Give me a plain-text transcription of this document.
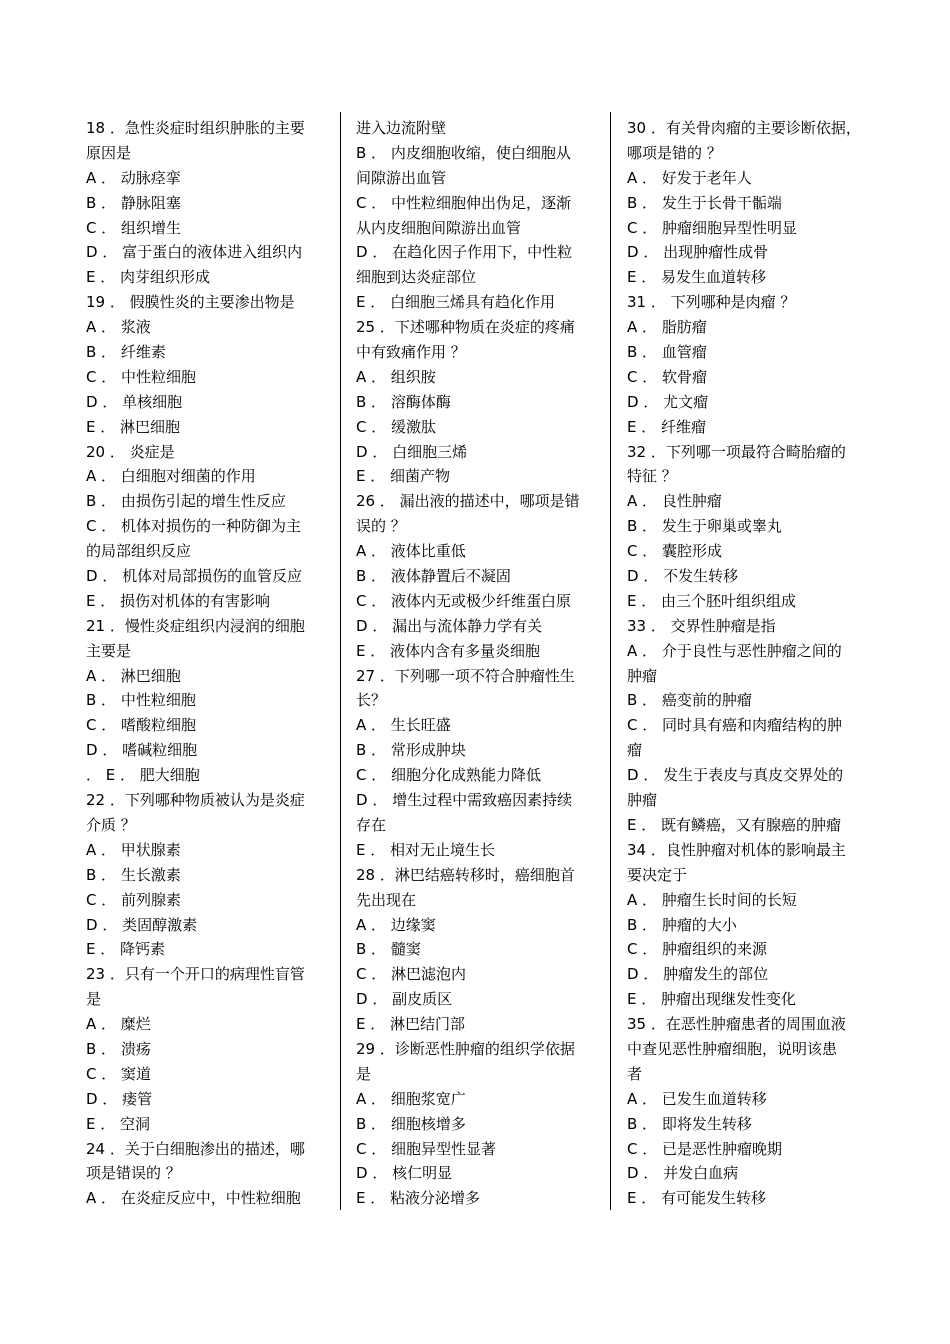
18 ．急性炎症时组织肿胀的主要
原因是
A ． 动脉痉挛
B ． 静脉阻塞
C ． 组织增生
D ． 富于蛋白的液体进入组织内
E ． 肉芽组织形成
19 ． 假膜性炎的主要渗出物是
A ． 浆液
B ． 纤维素
C ． 中性粒细胞
D ． 单核细胞
E ． 淋巴细胞
20 ． 炎症是
A ． 白细胞对细菌的作用
B ． 由损伤引起的增生性反应
C ． 机体对损伤的一种防御为主
的局部组织反应
D ． 机体对局部损伤的血管反应
E ． 损伤对机体的有害影响
21 ．慢性炎症组织内浸润的细胞
主要是
A ． 淋巴细胞
B ． 中性粒细胞
C ． 嗜酸粒细胞
D ． 嗜碱粒细胞
． E ． 肥大细胞
22 ．下列哪种物质被认为是炎症
介质 ？
A ． 甲状腺素
B ． 生长激素
C ． 前列腺素
D ． 类固醇激素
E ． 降钙素
23 ．只有一个开口的病理性盲管
是
A ． 糜烂
B ． 溃疡
C ． 窦道
D ． 瘘管
E ． 空洞
24 ．关于白细胞渗出的描述，哪
项是错误的 ？
A ． 在炎症反应中，中性粒细胞
进入边流附壁
B ． 内皮细胞收缩，使白细胞从
间隙游出血管
C ． 中性粒细胞伸出伪足，逐渐
从内皮细胞间隙游出血管
D ． 在趋化因子作用下，中性粒
细胞到达炎症部位
E ． 白细胞三烯具有趋化作用
25 ．下述哪种物质在炎症的疼痛
中有致痛作用 ？
A ． 组织胺
B ． 溶酶体酶
C ． 缓激肽
D ． 白细胞三烯
E ． 细菌产物
26 ． 漏出液的描述中，哪项是错
误的 ？
A ． 液体比重低
B ． 液体静置后不凝固
C ． 液体内无或极少纤维蛋白原
D ． 漏出与流体静力学有关
E ． 液体内含有多量炎细胞
27 ．下列哪一项不符合肿瘤性生
长？
A ． 生长旺盛
B ． 常形成肿块
C ． 细胞分化成熟能力降低
D ． 增生过程中需致癌因素持续
存在
E ． 相对无止境生长
28 ．淋巴结癌转移时，癌细胞首
先出现在
A ． 边缘窦
B ． 髓窦
C ． 淋巴滤泡内
D ． 副皮质区
E ． 淋巴结门部
29 ．诊断恶性肿瘤的组织学依据
是
A ． 细胞浆宽广
B ． 细胞核增多
C ． 细胞异型性显著
D ． 核仁明显
E ． 粘液分泌增多
30 ．有关骨肉瘤的主要诊断依据，
哪项是错的 ？
A ． 好发于老年人
B ． 发生于长骨干骺端
C ． 肿瘤细胞异型性明显
D ． 出现肿瘤性成骨
E ． 易发生血道转移
31 ． 下列哪种是肉瘤 ？
A ． 脂肪瘤
B ． 血管瘤
C ． 软骨瘤
D ． 尤文瘤
E ． 纤维瘤
32 ．下列哪一项最符合畸胎瘤的
特征 ？
A ． 良性肿瘤
B ． 发生于卵巢或睾丸
C ． 囊腔形成
D ． 不发生转移
E ． 由三个胚叶组织组成
33 ． 交界性肿瘤是指
A ． 介于良性与恶性肿瘤之间的
肿瘤
B ． 癌变前的肿瘤
C ． 同时具有癌和肉瘤结构的肿
瘤
D ． 发生于表皮与真皮交界处的
肿瘤
E ． 既有鳞癌，又有腺癌的肿瘤
34 ．良性肿瘤对机体的影响最主
要决定于
A ． 肿瘤生长时间的长短
B ． 肿瘤的大小
C ． 肿瘤组织的来源
D ． 肿瘤发生的部位
E ． 肿瘤出现继发性变化
35 ．在恶性肿瘤患者的周围血液
中查见恶性肿瘤细胞，说明该患
者
A ． 已发生血道转移
B ． 即将发生转移
C ． 已是恶性肿瘤晚期
D ． 并发白血病
E ． 有可能发生转移
